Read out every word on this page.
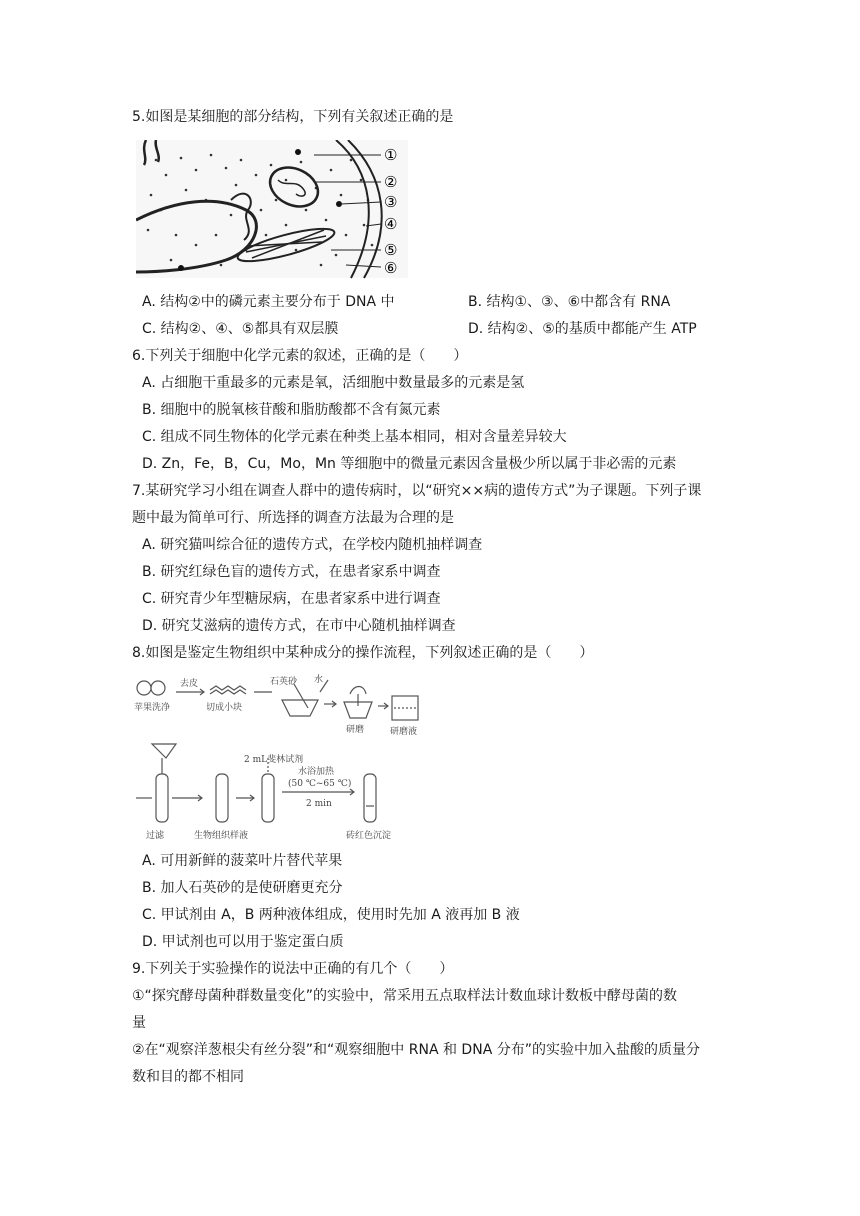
5.如图是某细胞的部分结构，下列有关叙述正确的是
①
②
③
④
⑤
⑥
A. 结构②中的磷元素主要分布于 DNA 中	B. 结构①、③、⑥中都含有 RNA
C. 结构②、④、⑤都具有双层膜	D. 结构②、⑤的基质中都能产生 ATP
6.下列关于细胞中化学元素的叙述，正确的是（　　）
A. 占细胞干重最多的元素是氧，活细胞中数量最多的元素是氢
B. 细胞中的脱氧核苷酸和脂肪酸都不含有氮元素
C. 组成不同生物体的化学元素在种类上基本相同，相对含量差异较大
D. Zn，Fe，B，Cu，Mo，Mn 等细胞中的微量元素因含量极少所以属于非必需的元素
7.某研究学习小组在调查人群中的遗传病时，以“研究××病的遗传方式”为子课题。下列子课
题中最为简单可行、所选择的调查方法最为合理的是
A. 研究猫叫综合征的遗传方式，在学校内随机抽样调查
B. 研究红绿色盲的遗传方式，在患者家系中调查
C. 研究青少年型糖尿病，在患者家系中进行调查
D. 研究艾滋病的遗传方式，在市中心随机抽样调查
8.如图是鉴定生物组织中某种成分的操作流程，下列叙述正确的是（　　）
苹果洗净
去皮
切成小块
石英砂 水
研磨	研磨液
2 mL斐林试剂
水浴加热
(50 ℃~65 ℃)
2 min
过滤	生物组织样液	砖红色沉淀
A. 可用新鲜的菠菜叶片替代苹果
B. 加人石英砂的是使研磨更充分
C. 甲试剂由 A，B 两种液体组成，使用时先加 A 液再加 B 液
D. 甲试剂也可以用于鉴定蛋白质
9.下列关于实验操作的说法中正确的有几个（　　）
①“探究酵母菌种群数量变化”的实验中，常采用五点取样法计数血球计数板中酵母菌的数
量
②在“观察洋葱根尖有丝分裂”和“观察细胞中 RNA 和 DNA 分布”的实验中加入盐酸的质量分
数和目的都不相同
